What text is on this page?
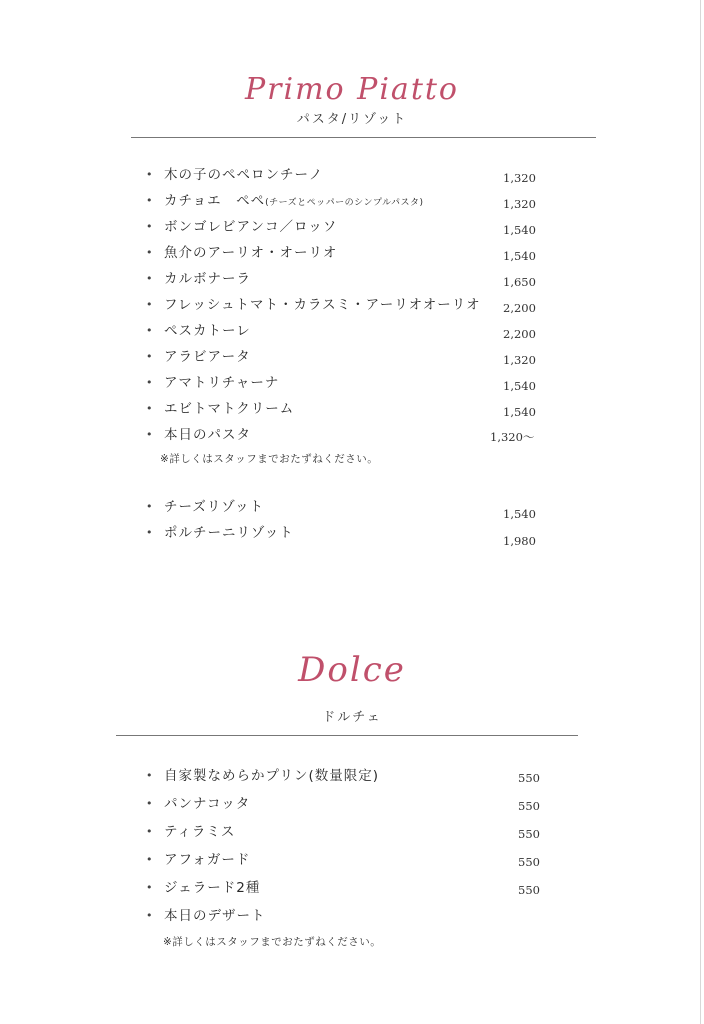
Primo Piatto
パスタ/リゾット
• 木の子のペペロンチーノ	1,320
• カチョエ　ペペ(チーズとペッパーのシンプルパスタ)	1,320
• ボンゴレビアンコ／ロッソ	1,540
• 魚介のアーリオ・オーリオ	1,540
• カルボナーラ	1,650
• フレッシュトマト・カラスミ・アーリオオーリオ 2,200
• ペスカトーレ	2,200
• アラビアータ	1,320
• アマトリチャーナ	1,540
• エビトマトクリーム	1,540
• 本日のパスタ	1,320～
※詳しくはスタッフまでおたずねください。
• チーズリゾット	1,540
• ポルチーニリゾット	1,980
Dolce
ドルチェ
• 自家製なめらかプリン(数量限定)	550
• パンナコッタ	550
• ティラミス	550
• アフォガード	550
• ジェラード2種	550
• 本日のデザート
※詳しくはスタッフまでおたずねください。
